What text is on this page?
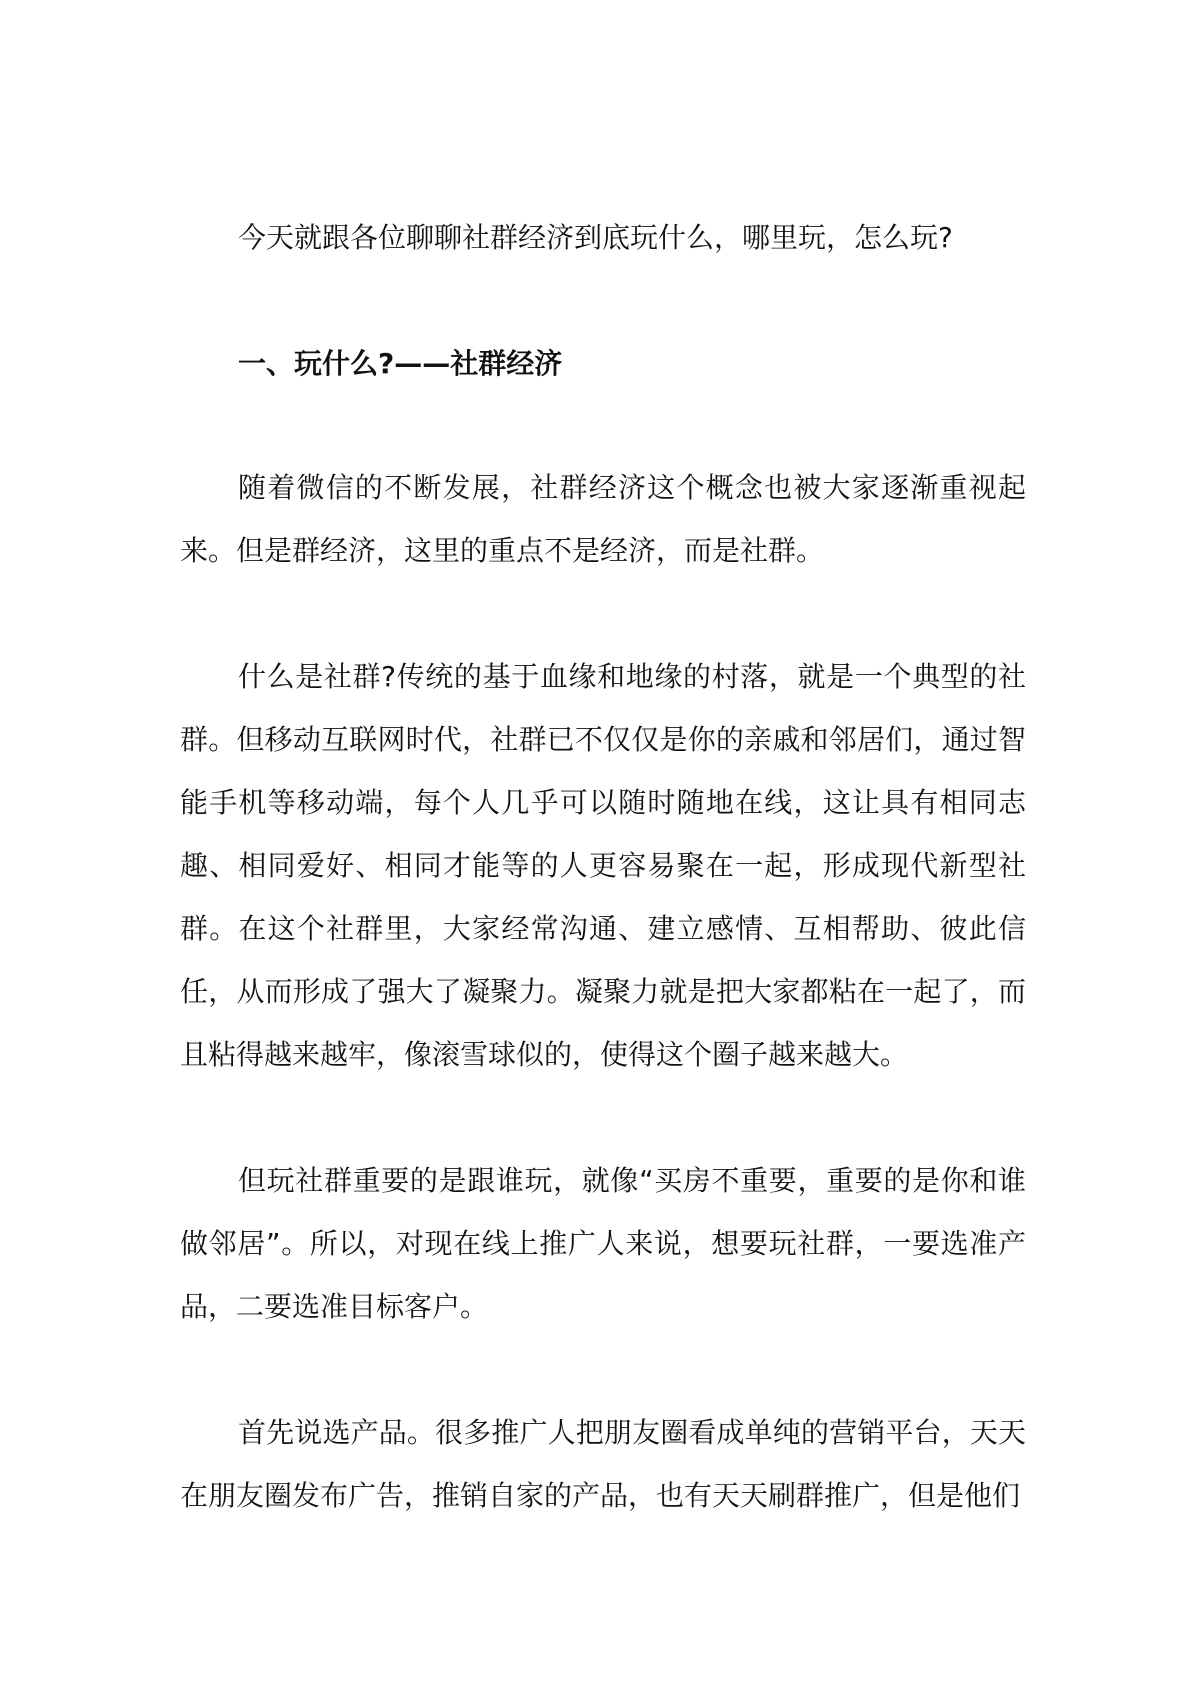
今天就跟各位聊聊社群经济到底玩什么，哪里玩，怎么玩?

一、玩什么?——社群经济

随着微信的不断发展，社群经济这个概念也被大家逐渐重视起来。但是群经济，这里的重点不是经济，而是社群。

什么是社群?传统的基于血缘和地缘的村落，就是一个典型的社群。但移动互联网时代，社群已不仅仅是你的亲戚和邻居们，通过智能手机等移动端，每个人几乎可以随时随地在线，这让具有相同志趣、相同爱好、相同才能等的人更容易聚在一起，形成现代新型社群。在这个社群里，大家经常沟通、建立感情、互相帮助、彼此信任，从而形成了强大了凝聚力。凝聚力就是把大家都粘在一起了，而且粘得越来越牢，像滚雪球似的，使得这个圈子越来越大。

但玩社群重要的是跟谁玩，就像“买房不重要，重要的是你和谁做邻居”。所以，对现在线上推广人来说，想要玩社群，一要选准产品，二要选准目标客户。

首先说选产品。很多推广人把朋友圈看成单纯的营销平台，天天在朋友圈发布广告，推销自家的产品，也有天天刷群推广，但是他们
